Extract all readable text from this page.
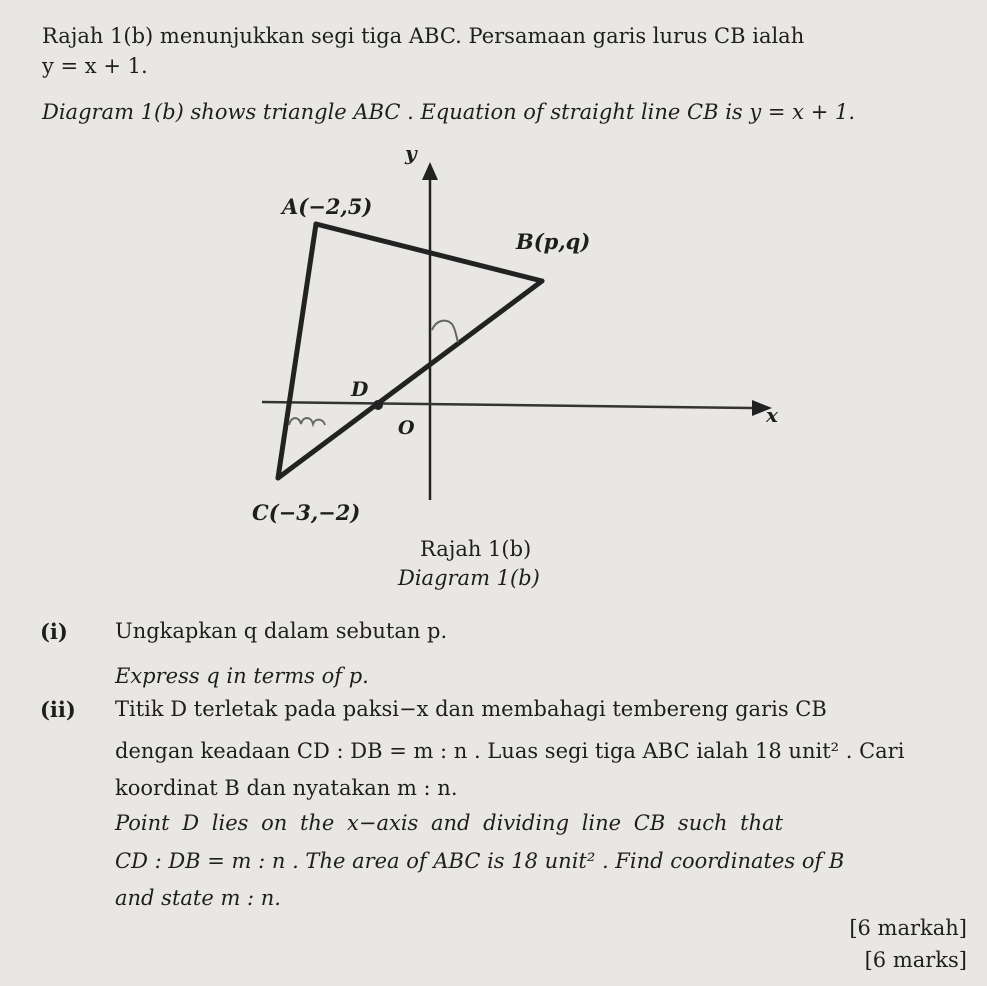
Rajah 1(b) menunjukkan segi tiga ABC. Persamaan garis lurus CB ialah
y = x + 1.
Diagram 1(b) shows triangle ABC . Equation of straight line CB is y = x + 1.
y
x
O
A(−2,5)
B(p,q)
C(−3,−2)
D
Rajah 1(b)
Diagram 1(b)
(i) Ungkapkan q dalam sebutan p.
Express q in terms of p.
(ii) Titik D terletak pada paksi−x dan membahagi tembereng garis CB
dengan keadaan CD : DB = m : n . Luas segi tiga ABC ialah 18 unit² . Cari
koordinat B dan nyatakan m : n.
Point D lies on the x−axis and dividing line CB such that
CD : DB = m : n . The area of ABC is 18 unit² . Find coordinates of B
and state m : n.
[6 markah]
[6 marks]
